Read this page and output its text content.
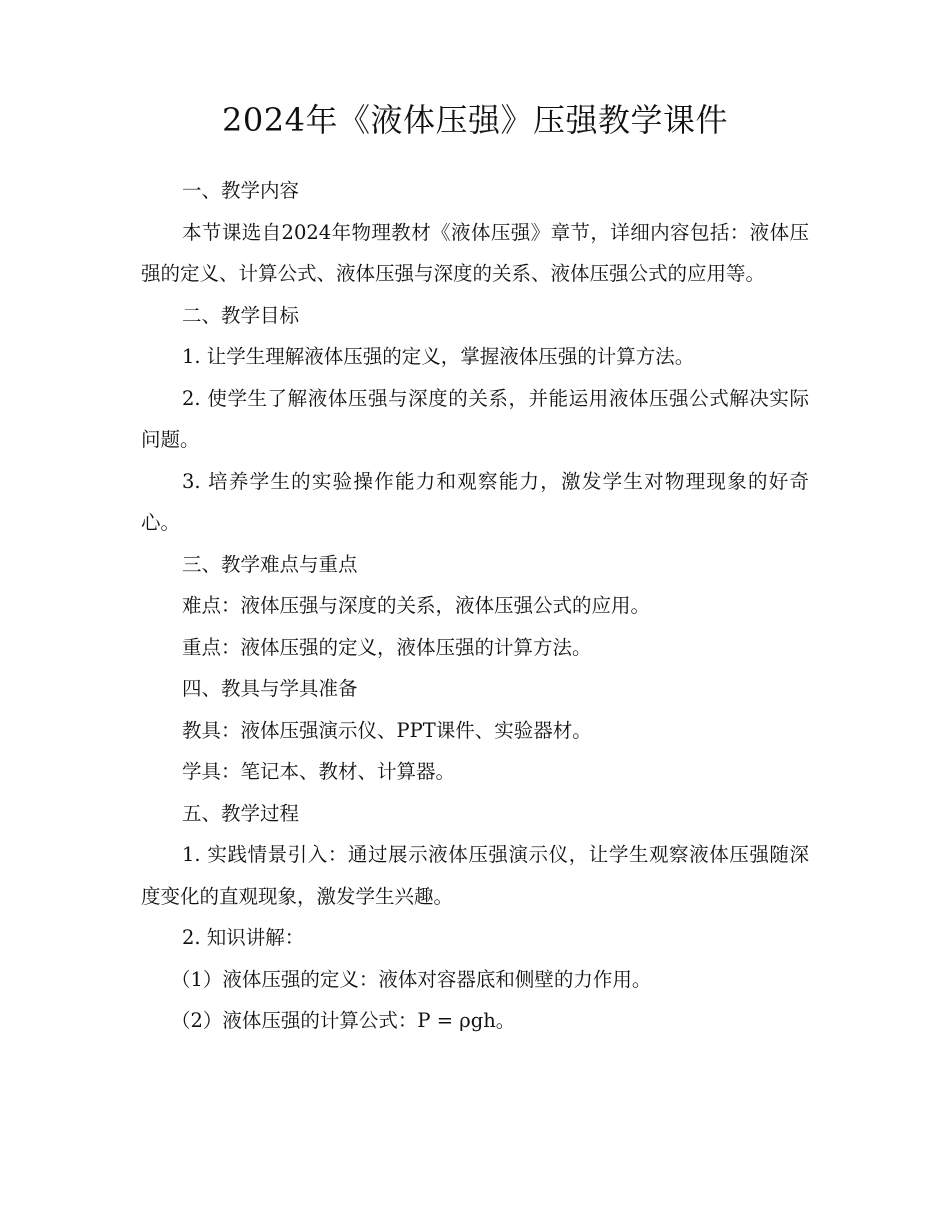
2024年《液体压强》压强教学课件

一、教学内容

本节课选自2024年物理教材《液体压强》章节，详细内容包括：液体压强的定义、计算公式、液体压强与深度的关系、液体压强公式的应用等。

二、教学目标

1. 让学生理解液体压强的定义，掌握液体压强的计算方法。

2. 使学生了解液体压强与深度的关系，并能运用液体压强公式解决实际问题。

3. 培养学生的实验操作能力和观察能力，激发学生对物理现象的好奇心。

三、教学难点与重点

难点：液体压强与深度的关系，液体压强公式的应用。

重点：液体压强的定义，液体压强的计算方法。

四、教具与学具准备

教具：液体压强演示仪、PPT课件、实验器材。

学具：笔记本、教材、计算器。

五、教学过程

1. 实践情景引入：通过展示液体压强演示仪，让学生观察液体压强随深度变化的直观现象，激发学生兴趣。

2. 知识讲解：

（1）液体压强的定义：液体对容器底和侧壁的力作用。

（2）液体压强的计算公式：P = ρgh。
